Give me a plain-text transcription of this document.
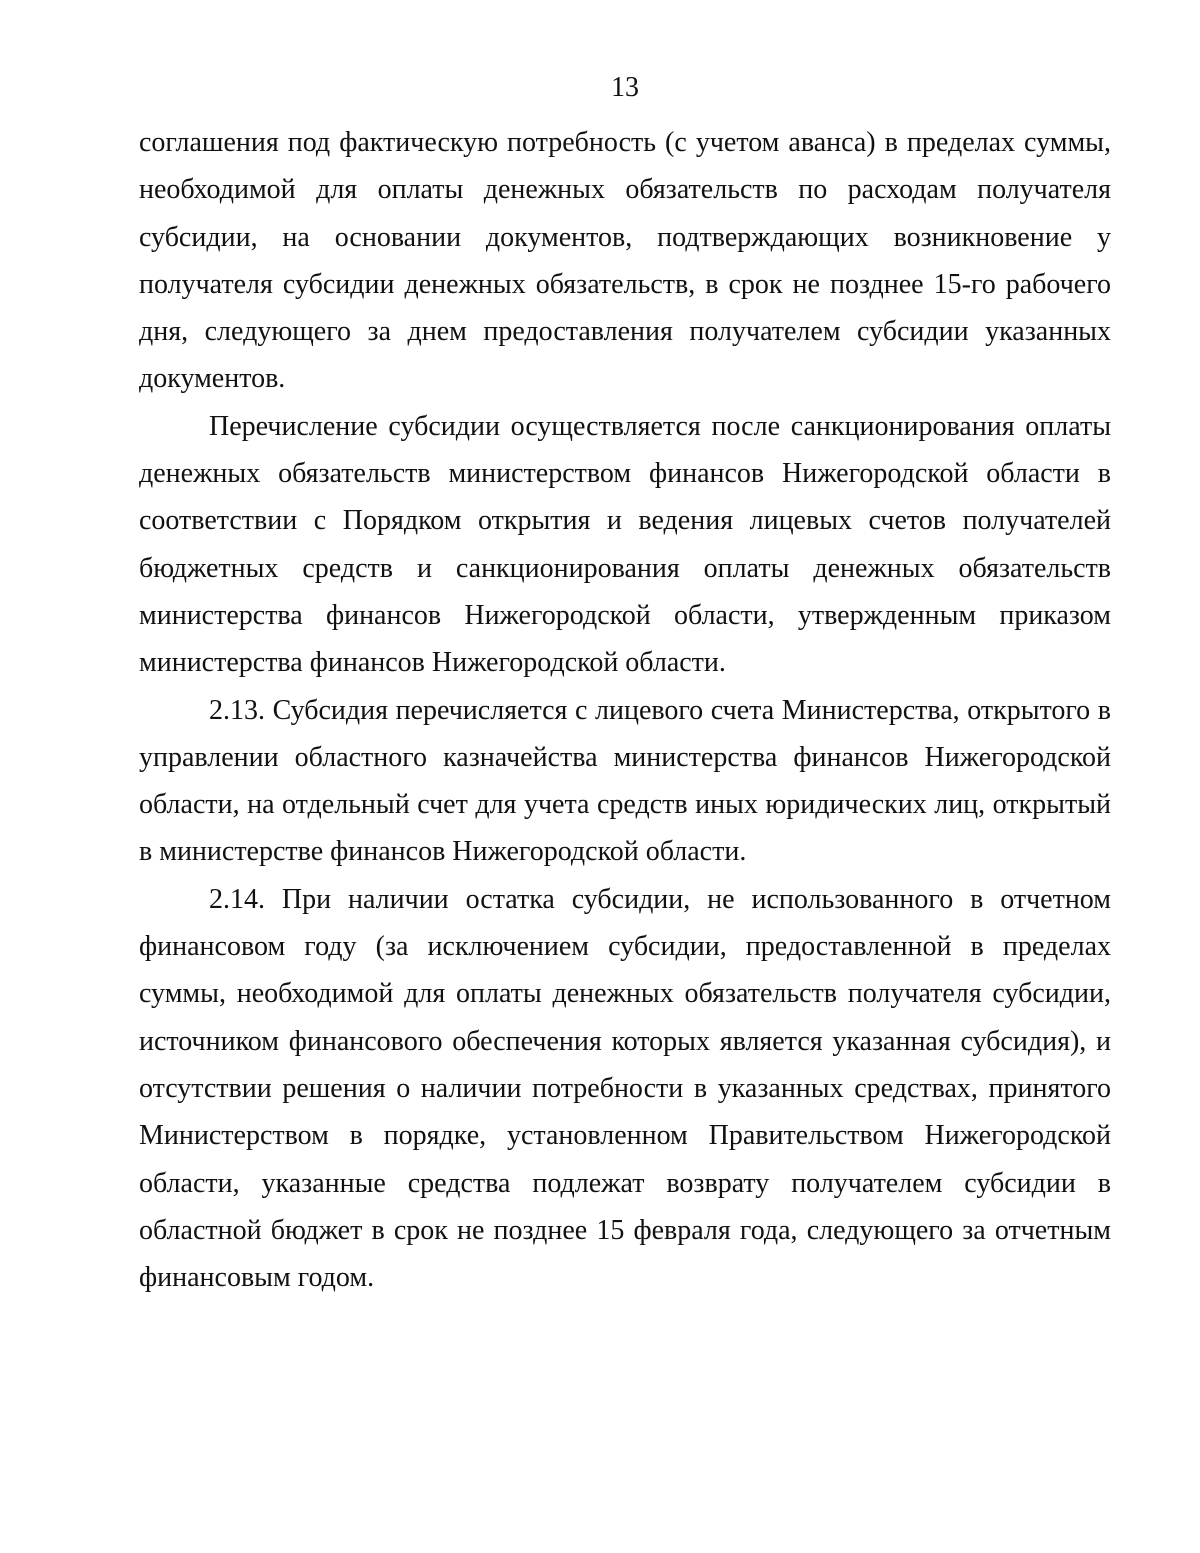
13

соглашения под фактическую потребность (с учетом аванса) в пределах суммы, необходимой для оплаты денежных обязательств по расходам получателя субсидии, на основании документов, подтверждающих возникновение у получателя субсидии денежных обязательств, в срок не позднее 15-го рабочего дня, следующего за днем предоставления получателем субсидии указанных документов.

Перечисление субсидии осуществляется после санкционирования оплаты денежных обязательств министерством финансов Нижегородской области в соответствии с Порядком открытия и ведения лицевых счетов получателей бюджетных средств и санкционирования оплаты денежных обязательств министерства финансов Нижегородской области, утвержденным приказом министерства финансов Нижегородской области.

2.13. Субсидия перечисляется с лицевого счета Министерства, открытого в управлении областного казначейства министерства финансов Нижегородской области, на отдельный счет для учета средств иных юридических лиц, открытый в министерстве финансов Нижегородской области.

2.14. При наличии остатка субсидии, не использованного в отчетном финансовом году (за исключением субсидии, предоставленной в пределах суммы, необходимой для оплаты денежных обязательств получателя субсидии, источником финансового обеспечения которых является указанная субсидия), и отсутствии решения о наличии потребности в указанных средствах, принятого Министерством в порядке, установленном Правительством Нижегородской области, указанные средства подлежат возврату получателем субсидии в областной бюджет в срок не позднее 15 февраля года, следующего за отчетным финансовым годом.
